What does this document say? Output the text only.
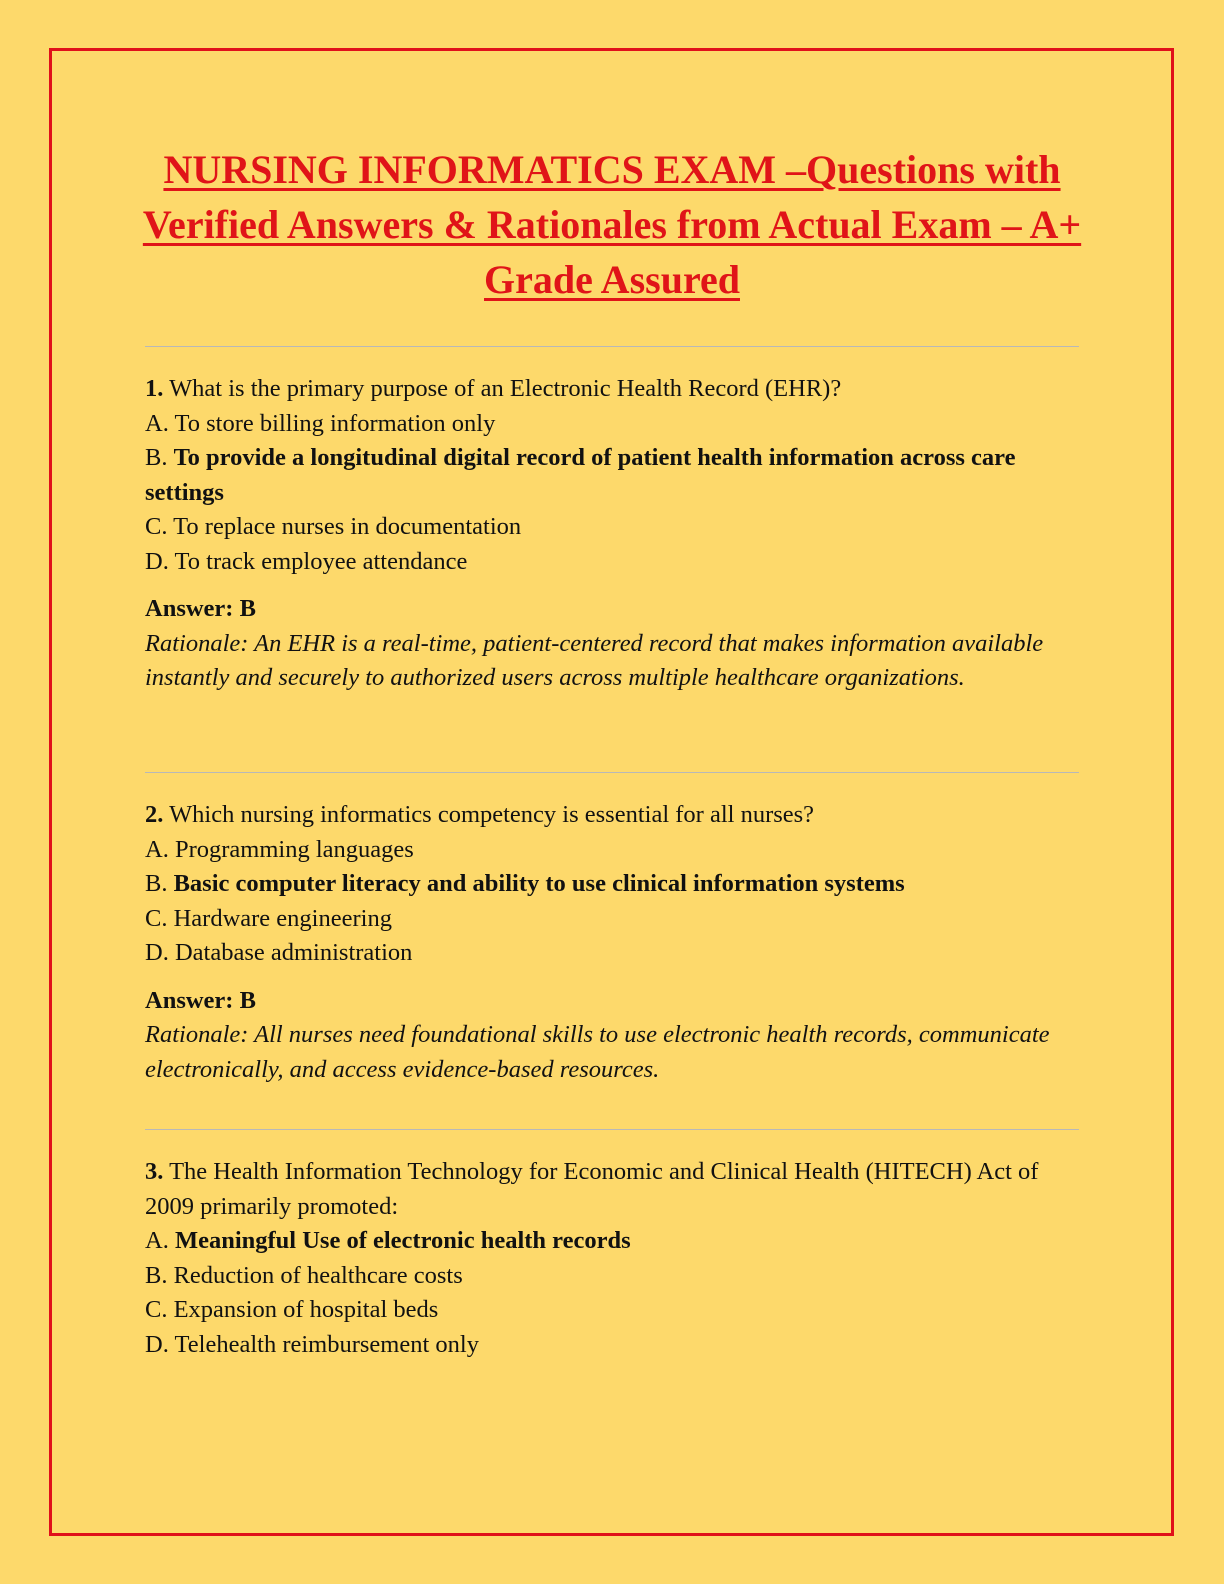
NURSING INFORMATICS EXAM –Questions with Verified Answers & Rationales from Actual Exam – A+ Grade Assured

1. What is the primary purpose of an Electronic Health Record (EHR)?

A. To store billing information only

B. To provide a longitudinal digital record of patient health information across care settings

C. To replace nurses in documentation

D. To track employee attendance

Answer: B

Rationale: An EHR is a real-time, patient-centered record that makes information available instantly and securely to authorized users across multiple healthcare organizations.

2. Which nursing informatics competency is essential for all nurses?

A. Programming languages

B. Basic computer literacy and ability to use clinical information systems

C. Hardware engineering

D. Database administration

Answer: B

Rationale: All nurses need foundational skills to use electronic health records, communicate electronically, and access evidence-based resources.

3. The Health Information Technology for Economic and Clinical Health (HITECH) Act of 2009 primarily promoted:

A. Meaningful Use of electronic health records

B. Reduction of healthcare costs

C. Expansion of hospital beds

D. Telehealth reimbursement only
